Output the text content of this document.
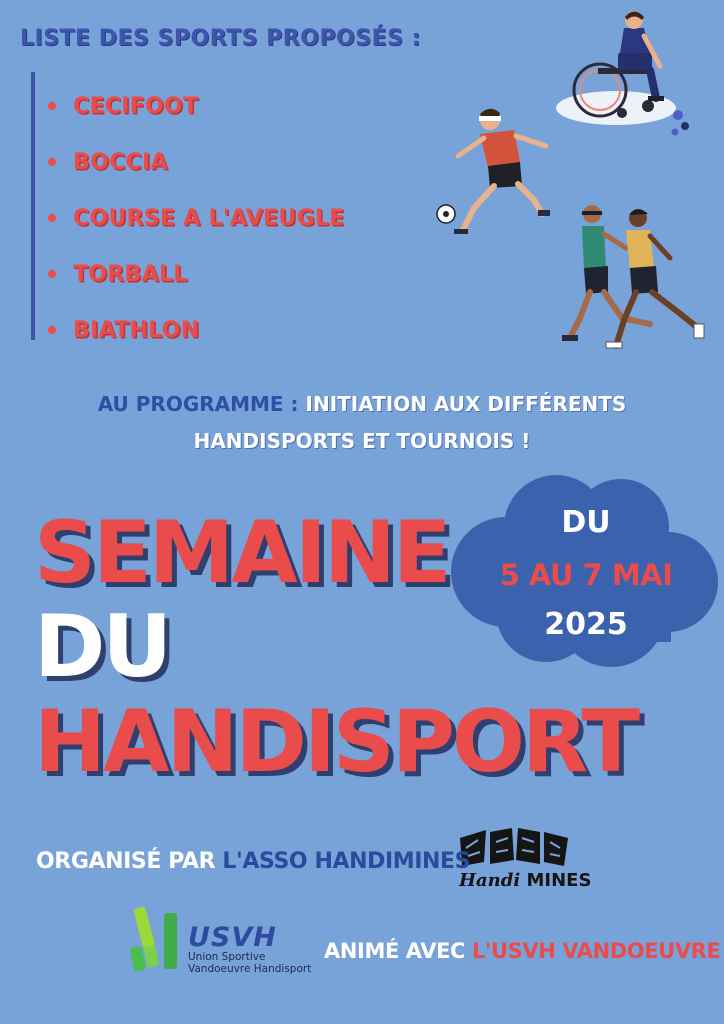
LISTE DES SPORTS PROPOSÉS :
CECIFOOT
BOCCIA
COURSE A L'AVEUGLE
TORBALL
BIATHLON
AU PROGRAMME : INITIATION AUX DIFFÉRENTS
HANDISPORTS ET TOURNOIS !
SEMAINE
DU
HANDISPORT
DU
5 AU 7 MAI
2025
Handi MINES
ORGANISÉ PAR L'ASSO HANDIMINES
USVH
Union Sportive
Vandoeuvre Handisport
ANIMÉ AVEC L'USVH VANDOEUVRE
